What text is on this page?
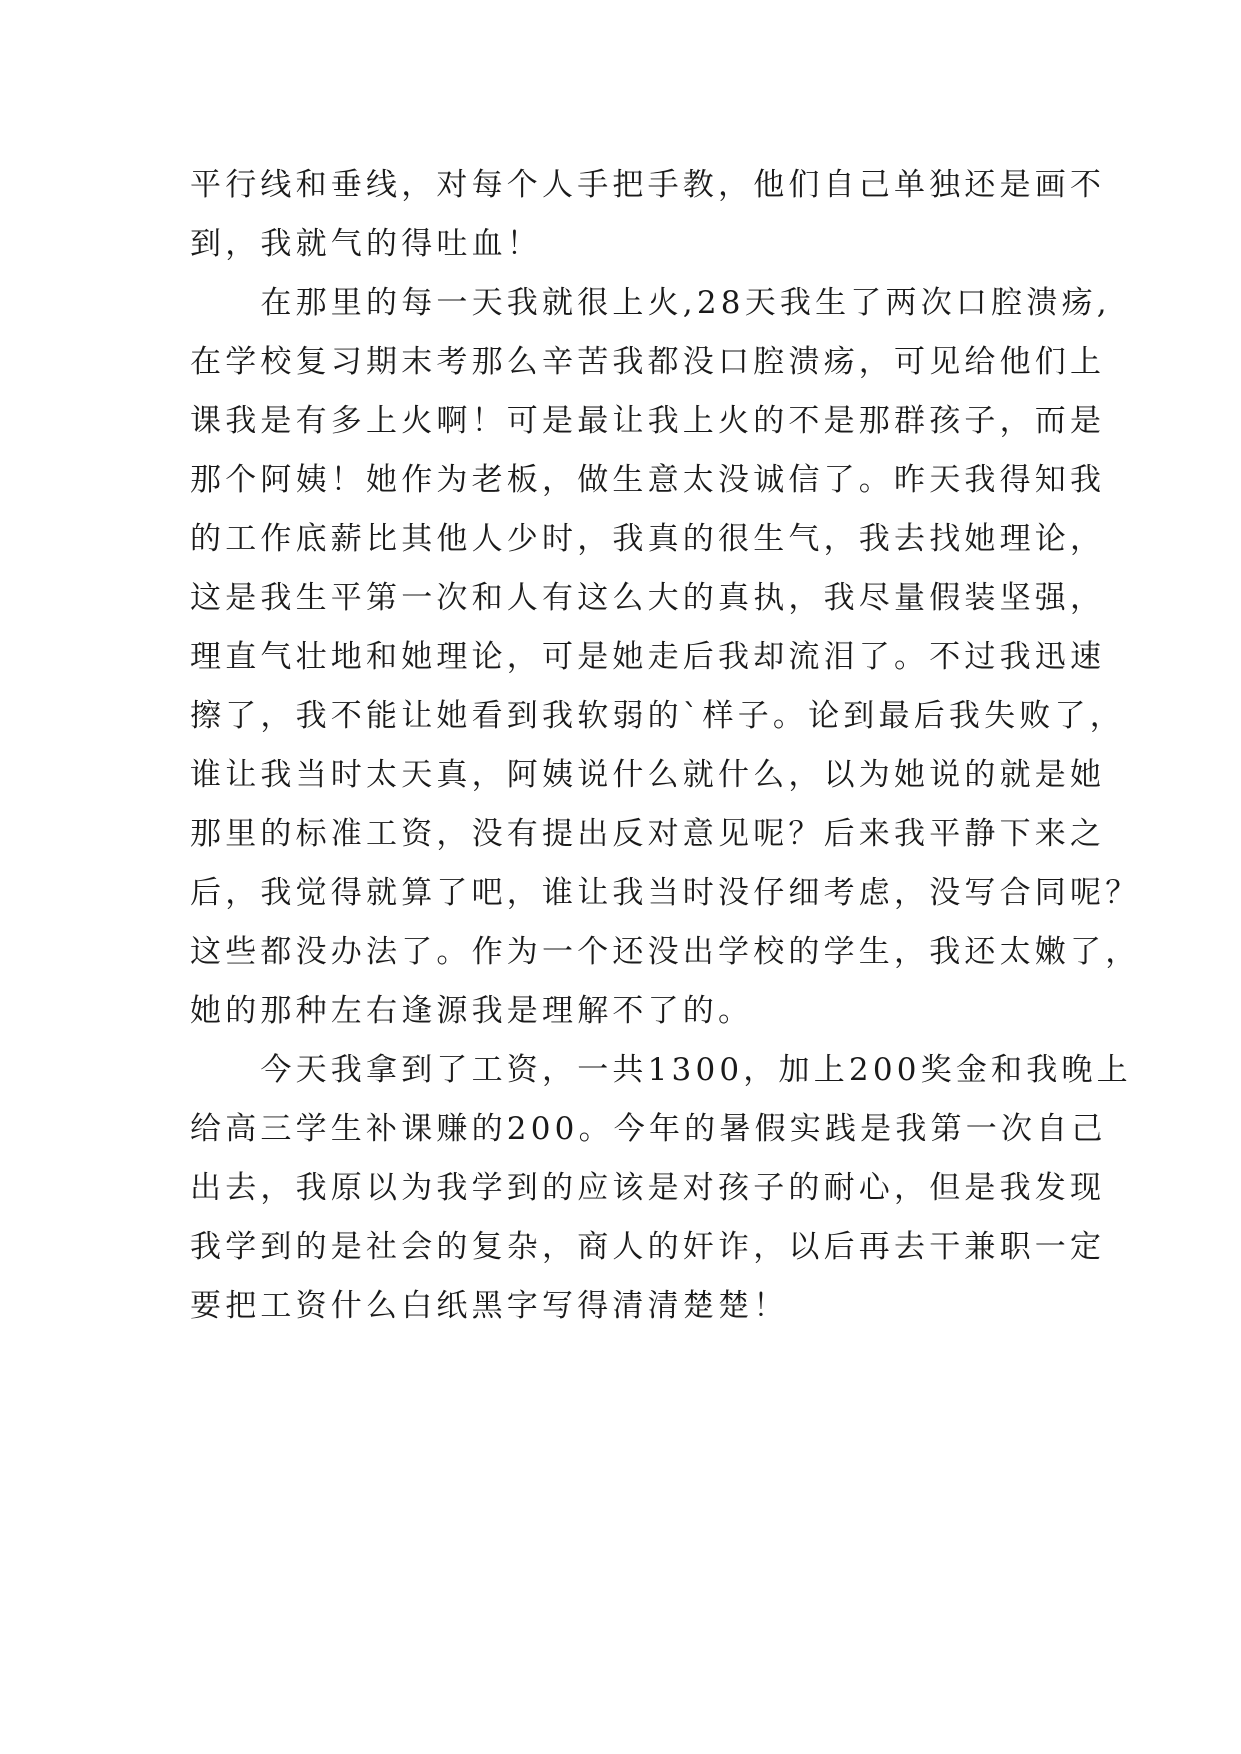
平行线和垂线，对每个人手把手教，他们自己单独还是画不
到，我就气的得吐血！
　　在那里的每一天我就很上火,28天我生了两次口腔溃疡,
在学校复习期末考那么辛苦我都没口腔溃疡，可见给他们上
课我是有多上火啊！可是最让我上火的不是那群孩子，而是
那个阿姨！她作为老板，做生意太没诚信了。昨天我得知我
的工作底薪比其他人少时，我真的很生气，我去找她理论，
这是我生平第一次和人有这么大的真执，我尽量假装坚强，
理直气壮地和她理论，可是她走后我却流泪了。不过我迅速
擦了，我不能让她看到我软弱的`样子。论到最后我失败了，
谁让我当时太天真，阿姨说什么就什么，以为她说的就是她
那里的标准工资，没有提出反对意见呢？后来我平静下来之
后，我觉得就算了吧，谁让我当时没仔细考虑，没写合同呢？
这些都没办法了。作为一个还没出学校的学生，我还太嫩了，
她的那种左右逢源我是理解不了的。
　　今天我拿到了工资，一共1300，加上200奖金和我晚上
给高三学生补课赚的200。今年的暑假实践是我第一次自己
出去，我原以为我学到的应该是对孩子的耐心，但是我发现
我学到的是社会的复杂，商人的奸诈，以后再去干兼职一定
要把工资什么白纸黑字写得清清楚楚！
